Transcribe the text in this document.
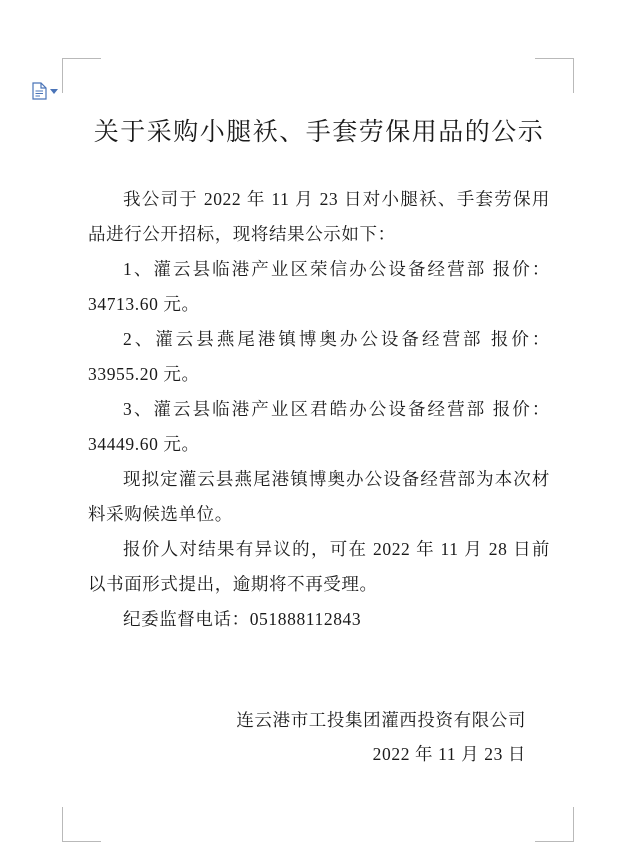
关于采购小腿袄、手套劳保用品的公示

我公司于 2022 年 11 月 23 日对小腿袄、手套劳保用品进行公开招标，现将结果公示如下：

1、灌云县临港产业区荣信办公设备经营部 报价：34713.60 元。

2、灌云县燕尾港镇博奥办公设备经营部 报价：33955.20 元。

3、灌云县临港产业区君皓办公设备经营部 报价：34449.60 元。

现拟定灌云县燕尾港镇博奥办公设备经营部为本次材料采购候选单位。

报价人对结果有异议的，可在 2022 年 11 月 28 日前以书面形式提出，逾期将不再受理。

纪委监督电话：051888112843

连云港市工投集团灌西投资有限公司
2022 年 11 月 23 日
